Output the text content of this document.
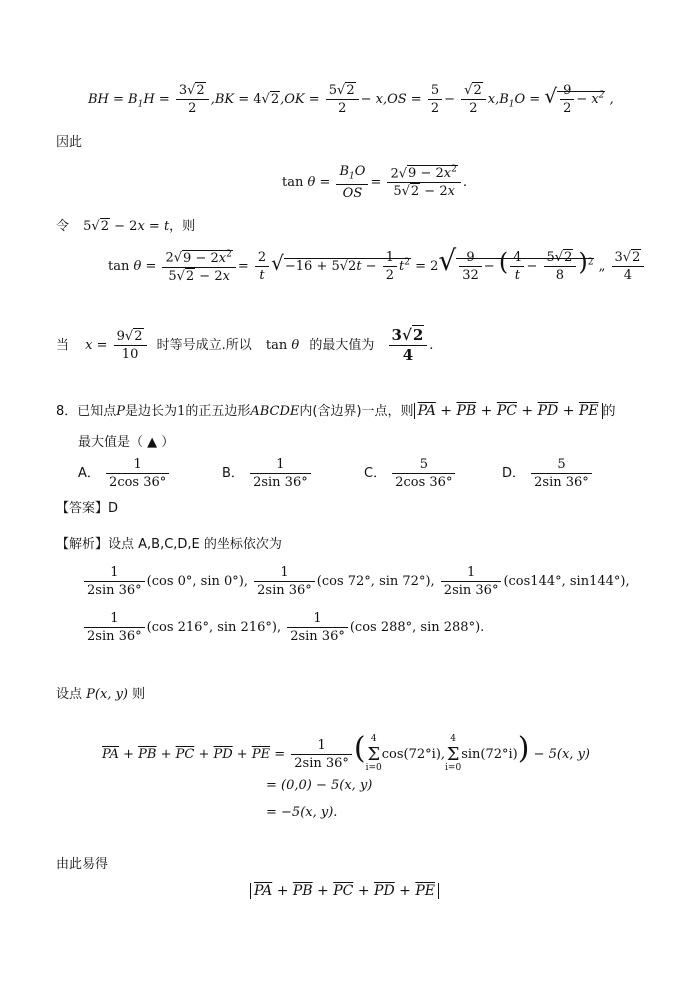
BH = $B_1H = \frac{3√2}{2} ,BK = 4√2,OK = \frac{5√2}{2} - x,OS = \frac{5}{2} - \frac{√2}{2} x,B_1O$ = √ $\frac{9}{2} - x^2$ ,
因此
$\tan \theta = \frac{B_1O}{OS} = \frac{2√9 - 2x^2}{5√2 - 2x}$ .
令 5√2 − 2x = t，则
$\tan \theta = \frac{2√9 - 2x^2}{5√2 - 2x} = \frac{2}{t} √-16 + 5√2t - \frac{1}{2} t^2 = 2√ \frac{9}{32}$ − ( $\frac{4}{t} - \frac{5√2}{8} )^2$ „ $\frac{3√2}{4}$
当 $x = \frac{9√2}{10}$ 时等号成立.所以 tan θ 的最大值为 $\frac{3√2}{4}$ .
8．已知点P是边长为1的正五边形ABCDE内(含边界)一点，则 $\overline{PA} + \overline{PB} + \overline{PC} + \overline{PD} + \overline{PE}$ 的
最大值是（ ▲ ）
A． $\frac{1}{2\cos 36^\circ}$	B． $\frac{1}{2\sin 36^\circ}$	C． $\frac{5}{2\cos 36^\circ}$	D． $\frac{5}{2\sin 36^\circ}$
【答案】D
【解析】设点 A,B,C,D,E 的坐标依次为
$\frac{1}{2\sin 36^\circ} (\cos$ 0°, sin 0°), $\frac{1}{2\sin 36^\circ} (\cos$ 72°, sin 72°), $\frac{1}{2\sin 36^\circ} (\cos 144^\circ$, sin144°),
$\frac{1}{2\sin 36^\circ} (\cos$ 216°, sin 216°), $\frac{1}{2\sin 36^\circ} (\cos$ 288°, sin 288°).
设点 P(x, y) 则
$\overline{PA} + \overline{PB} + \overline{PC} + \overline{PD} + \overline{PE} = \frac{1}{2\sin 36^\circ}$ ( 4
Σ
i=0cos(72°i),4
Σ
i=0sin(72°i)) − 5(x, y)
= (0,0) − 5(x, y)
= −5(x, y).
由此易得
$\overline{PA} + \overline{PB} + \overline{PC} + \overline{PD} + \overline{PE}$
